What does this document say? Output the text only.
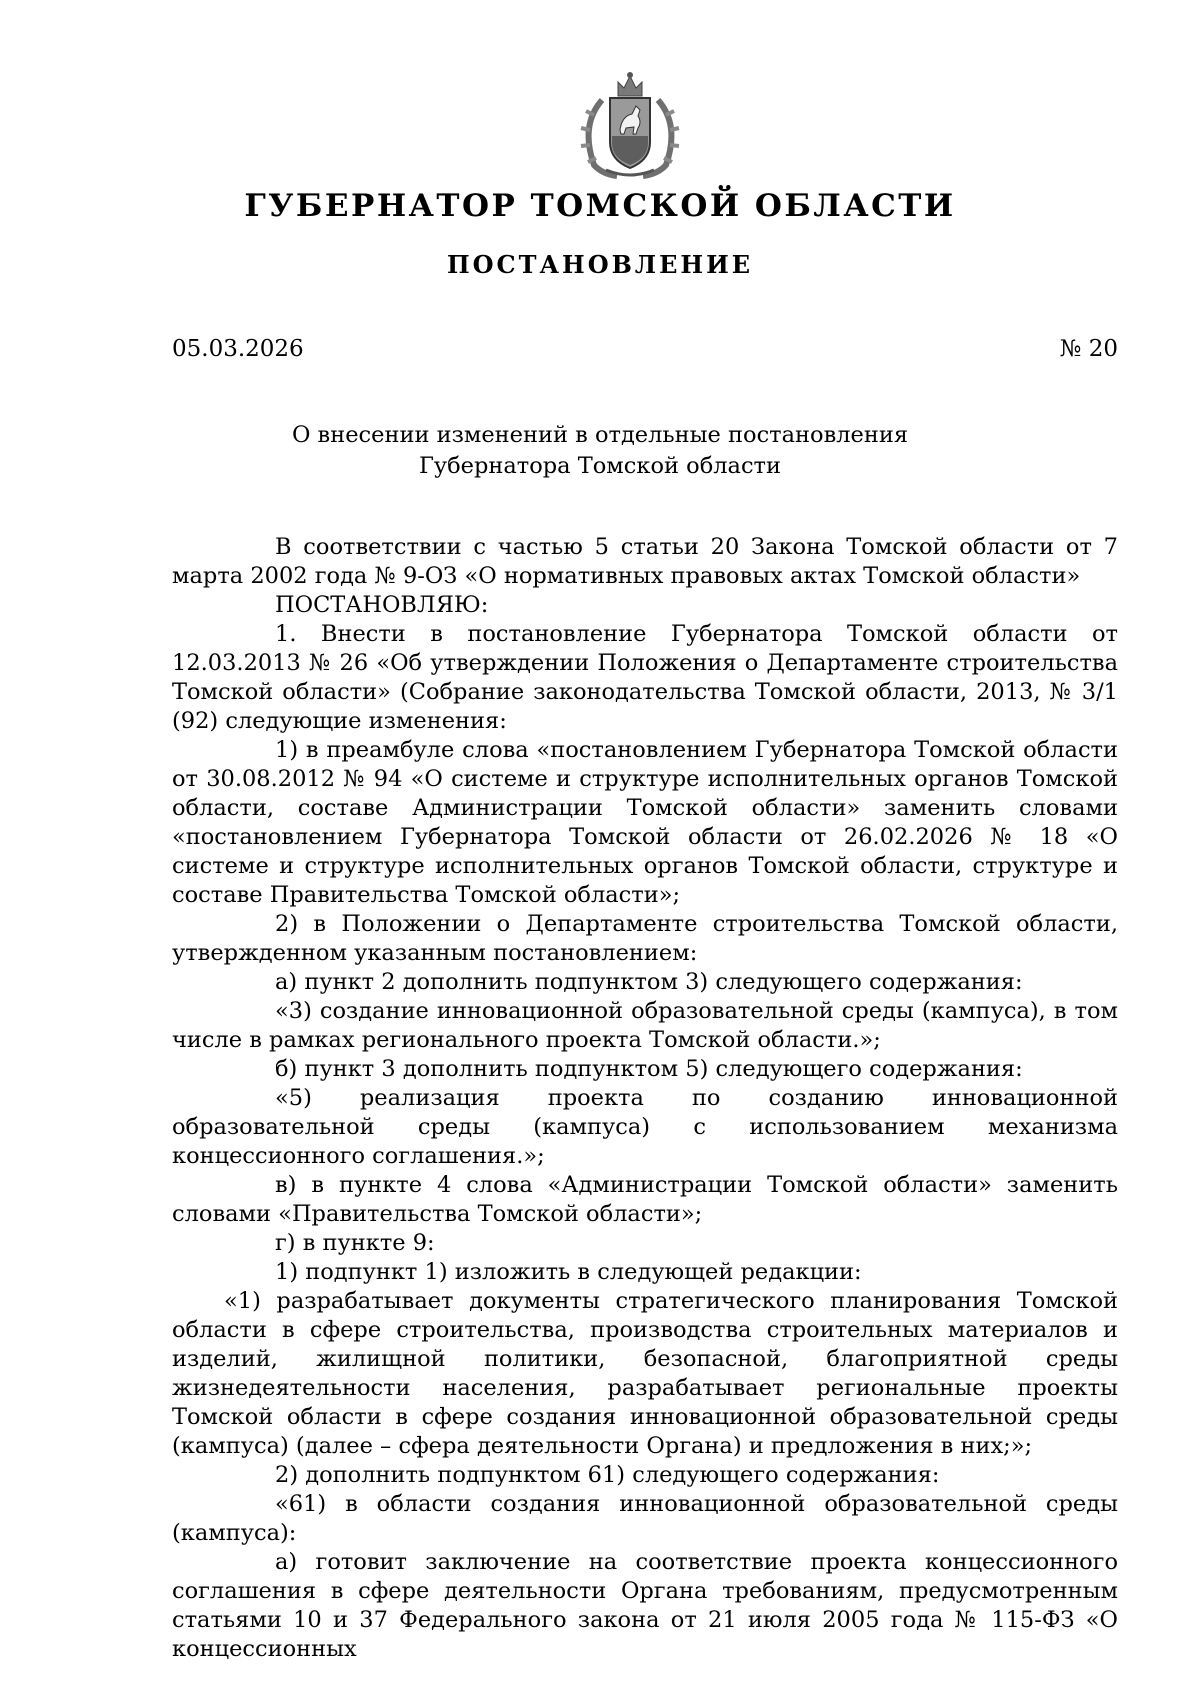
ГУБЕРНАТОР ТОМСКОЙ ОБЛАСТИ
ПОСТАНОВЛЕНИЕ
05.03.2026	№ 20
О внесении изменений в отдельные постановления
Губернатора Томской области

В соответствии с частью 5 статьи 20 Закона Томской области от 7 марта 2002 года № 9-ОЗ «О нормативных правовых актах Томской области»

ПОСТАНОВЛЯЮ:

1. Внести в постановление Губернатора Томской области от 12.03.2013 № 26 «Об утверждении Положения о Департаменте строительства Томской области» (Собрание законодательства Томской области, 2013, № 3/1 (92) следующие изменения:

1) в преамбуле слова «постановлением Губернатора Томской области от 30.08.2012 № 94 «О системе и структуре исполнительных органов Томской области, составе Администрации Томской области» заменить словами «постановлением Губернатора Томской области от 26.02.2026 № 18 «О системе и структуре исполнительных органов Томской области, структуре и составе Правительства Томской области»;

2) в Положении о Департаменте строительства Томской области, утвержденном указанным постановлением:

а) пункт 2 дополнить подпунктом 3) следующего содержания:

«3) создание инновационной образовательной среды (кампуса), в том числе в рамках регионального проекта Томской области.»;

б) пункт 3 дополнить подпунктом 5) следующего содержания:

«5) реализация проекта по созданию инновационной образовательной среды (кампуса) с использованием механизма концессионного соглашения.»;

в) в пункте 4 слова «Администрации Томской области» заменить словами «Правительства Томской области»;

г) в пункте 9:

1) подпункт 1) изложить в следующей редакции:

«1) разрабатывает документы стратегического планирования Томской области в сфере строительства, производства строительных материалов и изделий, жилищной политики, безопасной, благоприятной среды жизнедеятельности населения, разрабатывает региональные проекты Томской области в сфере создания инновационной образовательной среды (кампуса) (далее – сфера деятельности Органа) и предложения в них;»;

2) дополнить подпунктом 61) следующего содержания:

«61) в области создания инновационной образовательной среды (кампуса):

а) готовит заключение на соответствие проекта концессионного соглашения в сфере деятельности Органа требованиям, предусмотренным статьями 10 и 37 Федерального закона от 21 июля 2005 года № 115-ФЗ «О концессионных
